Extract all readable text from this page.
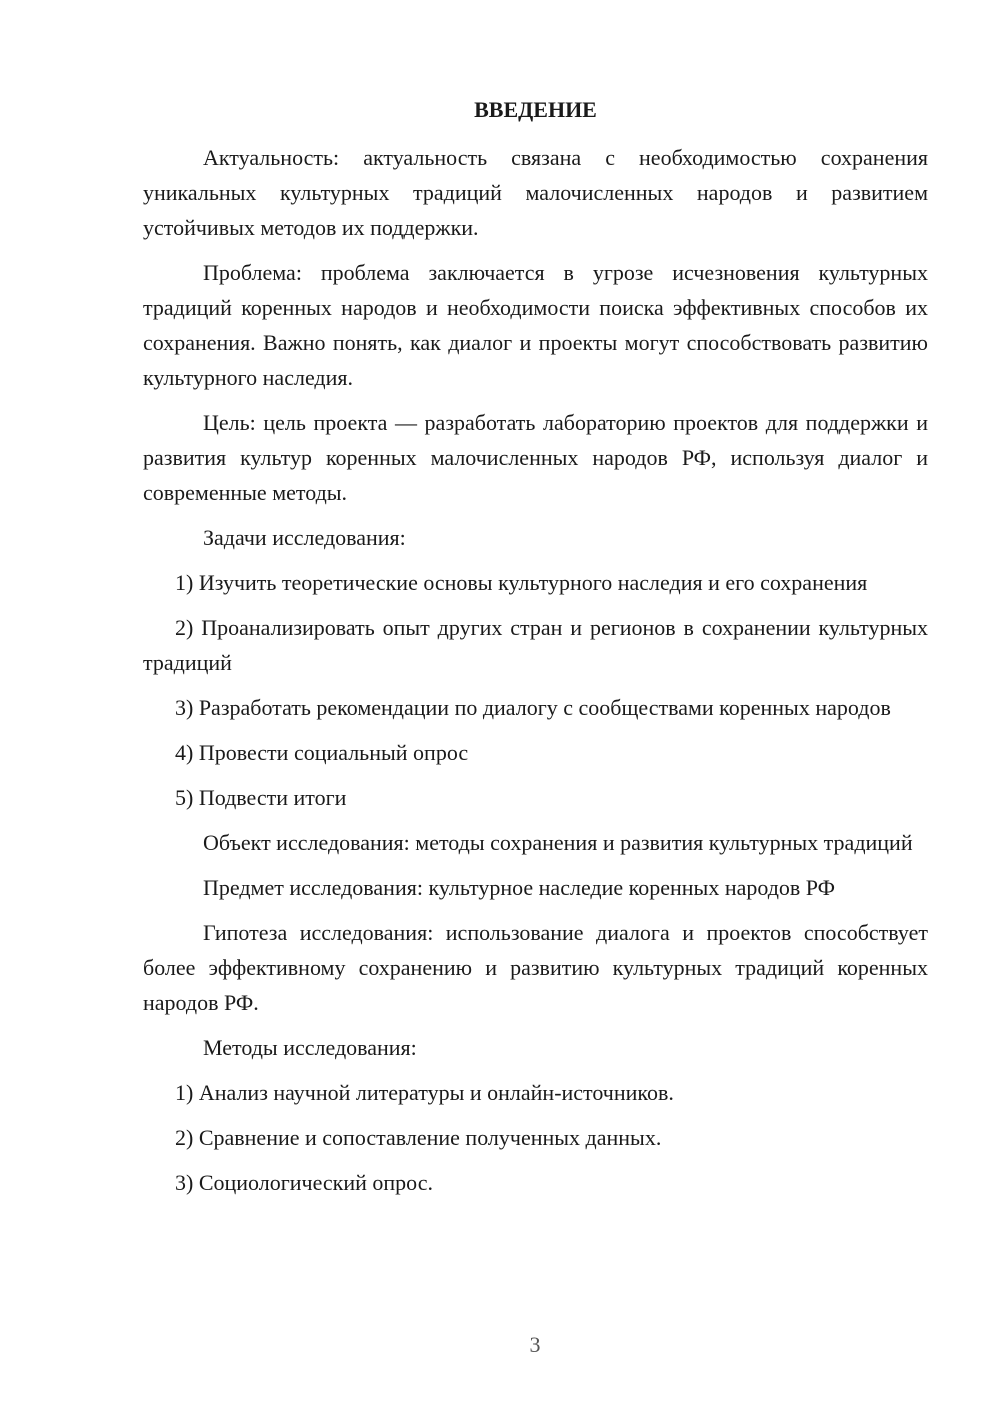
ВВЕДЕНИЕ

Актуальность: актуальность связана с необходимостью сохранения уникальных культурных традиций малочисленных народов и развитием устойчивых методов их поддержки.

Проблема: проблема заключается в угрозе исчезновения культурных традиций коренных народов и необходимости поиска эффективных способов их сохранения. Важно понять, как диалог и проекты могут способствовать развитию культурного наследия.

Цель: цель проекта — разработать лабораторию проектов для поддержки и развития культур коренных малочисленных народов РФ, используя диалог и современные методы.

Задачи исследования:

1) Изучить теоретические основы культурного наследия и его сохранения

2) Проанализировать опыт других стран и регионов в сохранении культурных традиций

3) Разработать рекомендации по диалогу с сообществами коренных народов

4) Провести социальный опрос

5) Подвести итоги

Объект исследования: методы сохранения и развития культурных традиций

Предмет исследования: культурное наследие коренных народов РФ

Гипотеза исследования: использование диалога и проектов способствует более эффективному сохранению и развитию культурных традиций коренных народов РФ.

Методы исследования:

1) Анализ научной литературы и онлайн-источников.

2) Сравнение и сопоставление полученных данных.

3) Социологический опрос.

3
